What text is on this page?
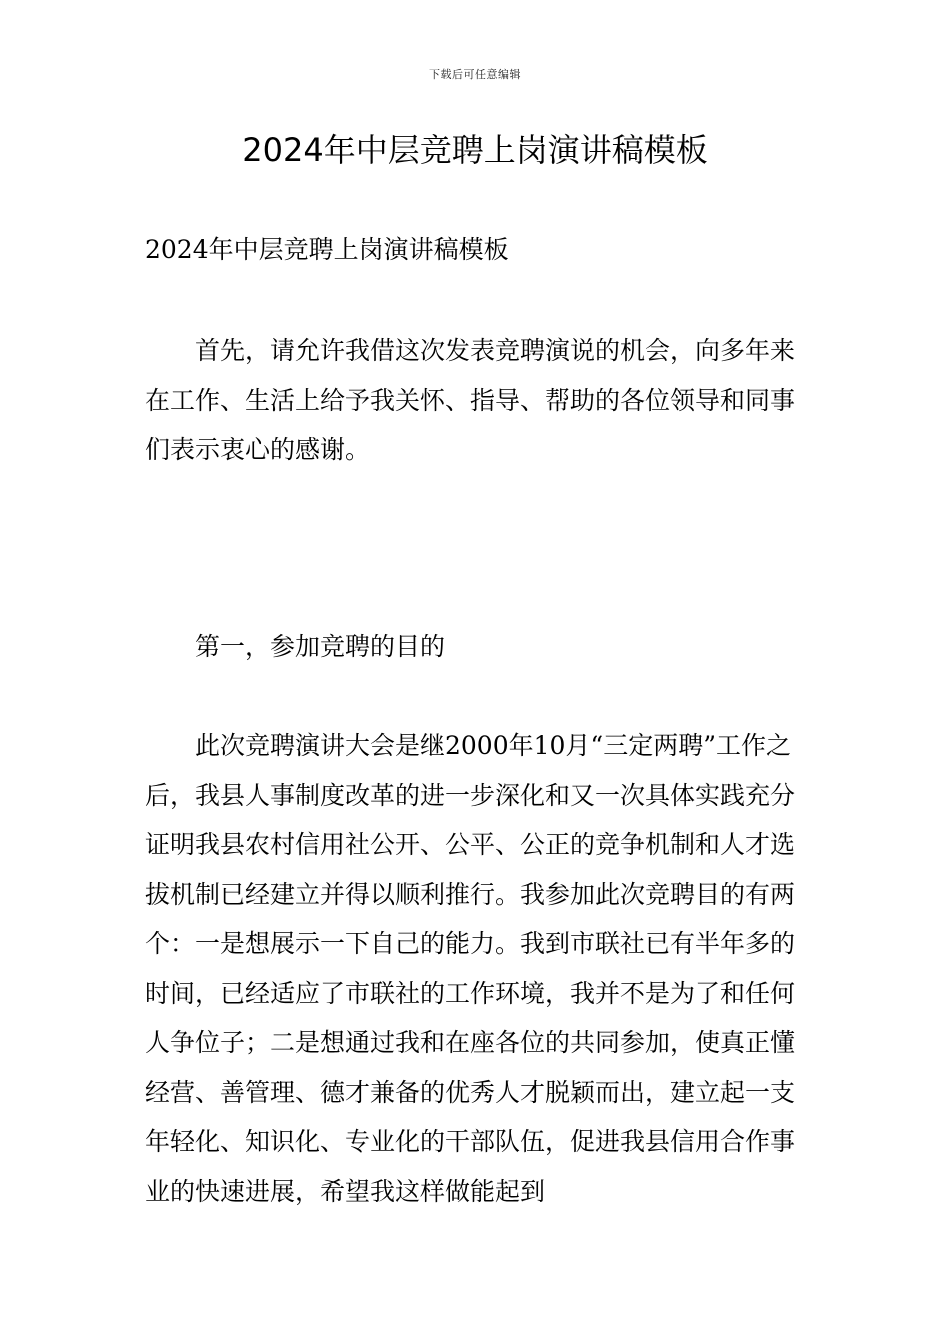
下载后可任意编辑
2024年中层竞聘上岗演讲稿模板

2024年中层竞聘上岗演讲稿模板

首先，请允许我借这次发表竞聘演说的机会，向多年来在工作、生活上给予我关怀、指导、帮助的各位领导和同事们表示衷心的感谢。

第一，参加竞聘的目的

此次竞聘演讲大会是继2000年10月“三定两聘”工作之后，我县人事制度改革的进一步深化和又一次具体实践充分证明我县农村信用社公开、公平、公正的竞争机制和人才选拔机制已经建立并得以顺利推行。我参加此次竞聘目的有两个：一是想展示一下自己的能力。我到市联社已有半年多的时间，已经适应了市联社的工作环境，我并不是为了和任何人争位子；二是想通过我和在座各位的共同参加，使真正懂经营、善管理、德才兼备的优秀人才脱颖而出，建立起一支年轻化、知识化、专业化的干部队伍，促进我县信用合作事业的快速进展，希望我这样做能起到
